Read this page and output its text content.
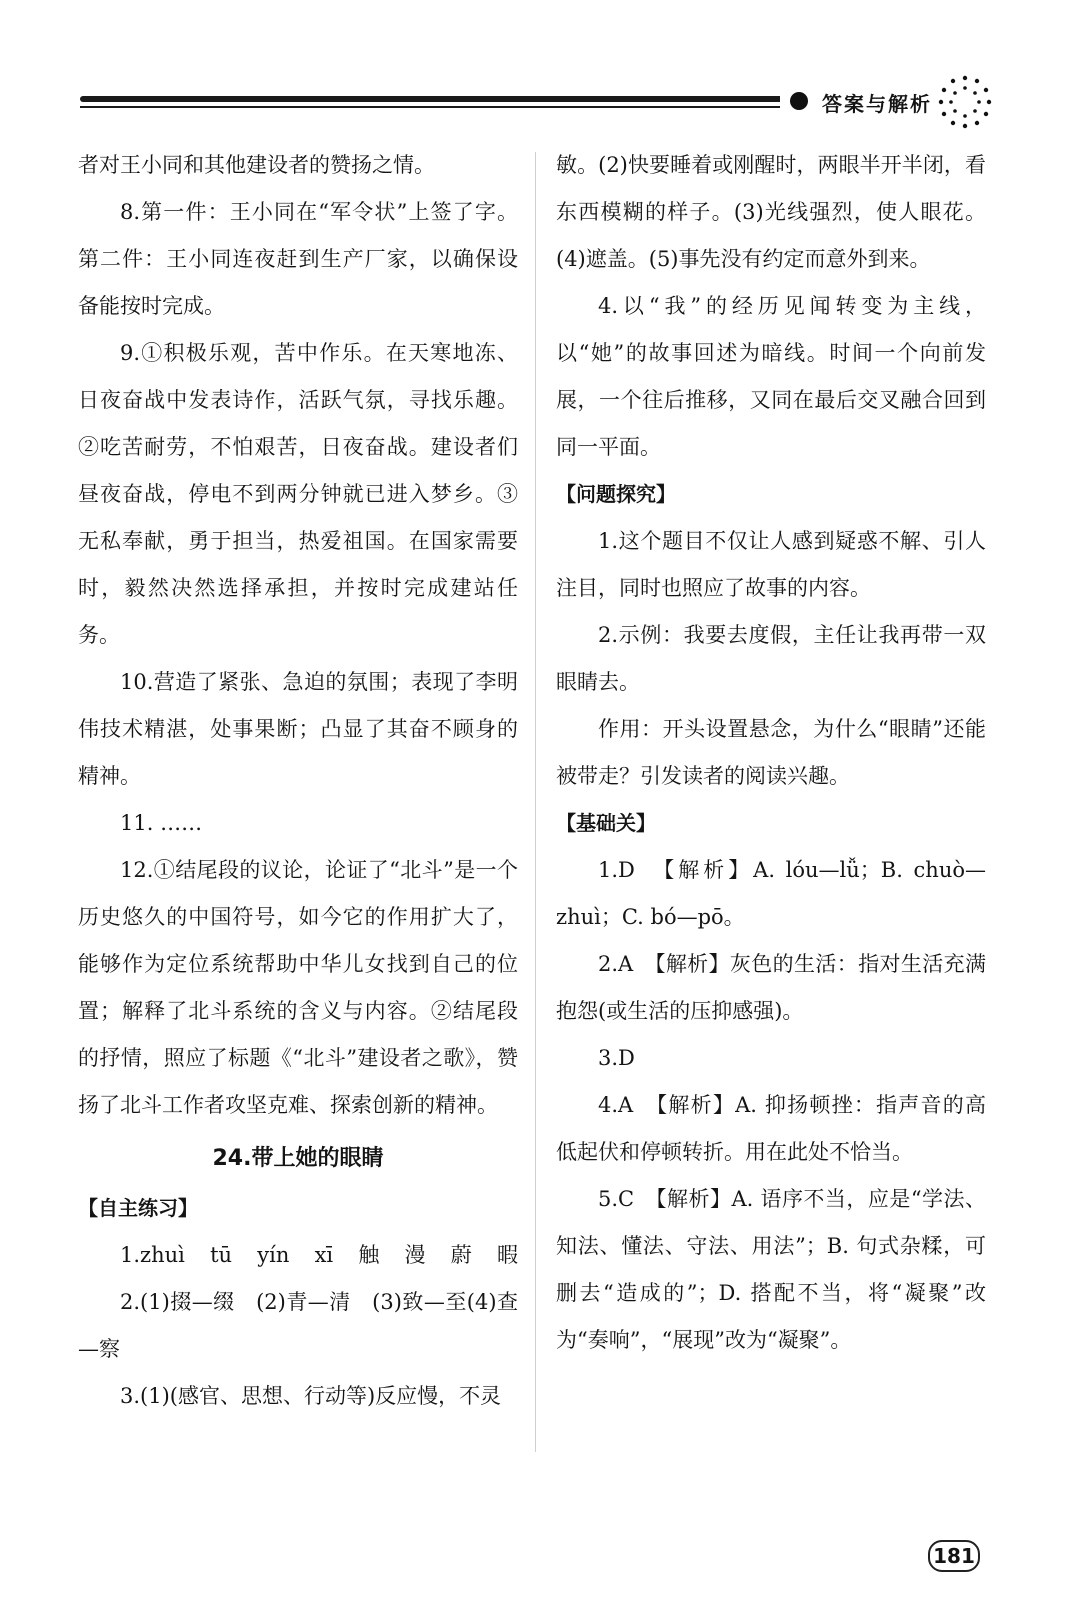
答案与解析

者对王小同和其他建设者的赞扬之情。

8.第一件：王小同在“军令状”上签了字。第二件：王小同连夜赶到生产厂家，以确保设备能按时完成。

9.①积极乐观，苦中作乐。在天寒地冻、日夜奋战中发表诗作，活跃气氛，寻找乐趣。②吃苦耐劳，不怕艰苦，日夜奋战。建设者们昼夜奋战，停电不到两分钟就已进入梦乡。③无私奉献，勇于担当，热爱祖国。在国家需要时，毅然决然选择承担，并按时完成建站任务。

10.营造了紧张、急迫的氛围；表现了李明伟技术精湛，处事果断；凸显了其奋不顾身的精神。

11. ……

12.①结尾段的议论，论证了“北斗”是一个历史悠久的中国符号，如今它的作用扩大了，能够作为定位系统帮助中华儿女找到自己的位置；解释了北斗系统的含义与内容。②结尾段的抒情，照应了标题《“北斗”建设者之歌》，赞扬了北斗工作者攻坚克难、探索创新的精神。

24.带上她的眼睛

【自主练习】

1.zhuì tū yín xī 触 漫 蔚 暇

2.(1)掇—缀　(2)青—清　(3)致—至(4)查—察

3.(1)(感官、思想、行动等)反应慢，不灵

敏。(2)快要睡着或刚醒时，两眼半开半闭，看东西模糊的样子。(3)光线强烈，使人眼花。(4)遮盖。(5)事先没有约定而意外到来。

4.以“我”的经历见闻转变为主线，以“她”的故事回述为暗线。时间一个向前发展，一个往后推移，又同在最后交叉融合回到同一平面。

【问题探究】

1.这个题目不仅让人感到疑惑不解、引人注目，同时也照应了故事的内容。

2.示例：我要去度假，主任让我再带一双眼睛去。

作用：开头设置悬念，为什么“眼睛”还能被带走？引发读者的阅读兴趣。

【基础关】

1.D　【解析】A. lóu—lǚ；B. chuò—zhuì；C. bó—pō。

2.A　【解析】灰色的生活：指对生活充满抱怨(或生活的压抑感强)。

3.D

4.A　【解析】A. 抑扬顿挫：指声音的高低起伏和停顿转折。用在此处不恰当。

5.C　【解析】A. 语序不当，应是“学法、知法、懂法、守法、用法”；B. 句式杂糅，可删去“造成的”；D. 搭配不当，将“凝聚”改为“奏响”，“展现”改为“凝聚”。

181
